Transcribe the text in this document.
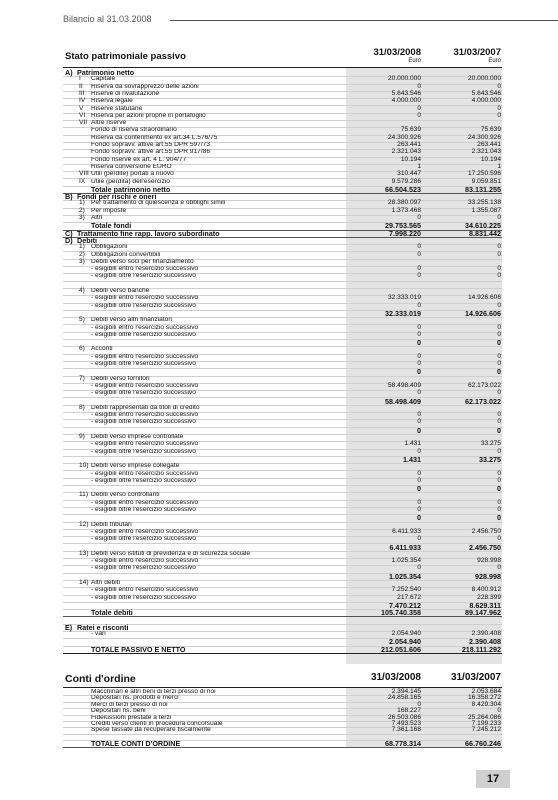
Bilancio al 31.03.2008
Stato patrimoniale passivo	31/03/2008	31/03/2007
Euro	Euro
A) Patrimonio netto
I Capitale	20.000.000	20.000.000
II Riserva da sovrapprezzo delle azioni	0	0
III Riserve di rivalutazione	5.643.546	5.643.546
IV Riserva legale	4.000.000	4.000.000
V Riserve statutarie	0	0
VI Riserva per azioni proprie in portafoglio	0	0
VII Altre riserve
Fondo di riserva straordinario	75.639	75.639
Riserva da conferimento ex art.34 L.576/75	24.300.926	24.300.926
Fondo sopravv. attive art.55 DPR 597/73	263.441	263.441
Fondo sopravv. attive art.55 DPR 917/86	2.321.043	2.321.043
Fondo riserve ex art. 4 L. 904/77	10.194	10.194
Riserva conversione EURO	1	1
VIII Utili (perdite) portati a nuovo	310.447	17.250.596
IX Utile (perdita) dell'esercizio	9.579.286	9.059.851
Totale patrimonio netto	66.504.523	83.131.255
B) Fondi per rischi e oneri
1) Per trattamento di quiescenza e obblighi simili	28.380.097	33.255.138
2) Per imposte	1.373.468	1.355.087
3) Altri	0	0
Totale fondi	29.753.565	34.610.225
C) Trattamento fine rapp. lavoro subordinato	7.998.220	8.831.442
D) Debiti
1) Obbligazioni	0	0
2) Obbligazioni convertibili	0	0
3) Debiti verso soci per finanziamento
- esigibili entro l'esercizio successivo	0	0
- esigibili oltre l'esercizio successivo	0	0
4) Debiti verso banche
- esigibili entro l'esercizio successivo	32.333.019	14.926.606
- esigibili oltre l'esercizio successivo	0	0
32.333.019	14.926.606
5) Debiti verso altri finanziatori
- esigibili entro l'esercizio successivo	0	0
- esigibili oltre l'esercizio successivo	0	0
0	0
6) Acconti
- esigibili entro l'esercizio successivo	0	0
- esigibili oltre l'esercizio successivo	0	0
0	0
7) Debiti verso fornitori
- esigibili entro l'esercizio successivo	58.498.409	62.173.022
- esigibili oltre l'esercizio successivo	0	0
58.498.409	62.173.022
8) Debiti rappresentati da titoli di credito
- esigibili entro l'esercizio successivo	0	0
- esigibili oltre l'esercizio successivo	0	0
0	0
9) Debiti verso imprese controllate
- esigibili entro l'esercizio successivo	1.431	33.275
- esigibili oltre l'esercizio successivo	0	0
1.431	33.275
10) Debiti verso imprese collegate
- esigibili entro l'esercizio successivo	0	0
- esigibili oltre l'esercizio successivo	0	0
0	0
11) Debiti verso controllanti
- esigibili entro l'esercizio successivo	0	0
- esigibili oltre l'esercizio successivo	0	0
0	0
12) Debiti tributari
- esigibili entro l'esercizio successivo	6.411.933	2.456.750
- esigibili oltre l'esercizio successivo	0	0
6.411.933	2.456.750
13) Debiti verso istituti di previdenza e di sicurezza sociale
- esigibili entro l'esercizio successivo	1.025.354	928.998
- esigibili oltre l'esercizio successivo	0	0
1.025.354	928.998
14) Altri debiti
- esigibili entro l'esercizio successivo	7.252.540	8.400.912
- esigibili oltre l'esercizio successivo	217.672	228.399
7.470.212	8.629.311
Totale debiti	105.740.358	89.147.962
E) Ratei e risconti
- vari	2.054.940	2.390.408
2.054.940	2.390.408
TOTALE PASSIVO E NETTO	212.051.606	218.111.292
Conti d'ordine	31/03/2008	31/03/2007
Macchinari e altri beni di terzi presso di noi	2.394.145	2.053.684
Depositari ns. prodotti e merci	24.858.165	16.358.272
Merci di terzi presso di noi	0	8.429.304
Depositari ns. beni	168.227	0
Fideiussioni prestate a terzi	26.503.086	25.264.086
Crediti verso clienti in procedura concorsuale	7.493.523	7.199.233
Spese tassate da recuperare fiscalmente	7.361.168	7.245.212
TOTALE CONTI D'ORDINE	68.778.314	66.760.246
17
